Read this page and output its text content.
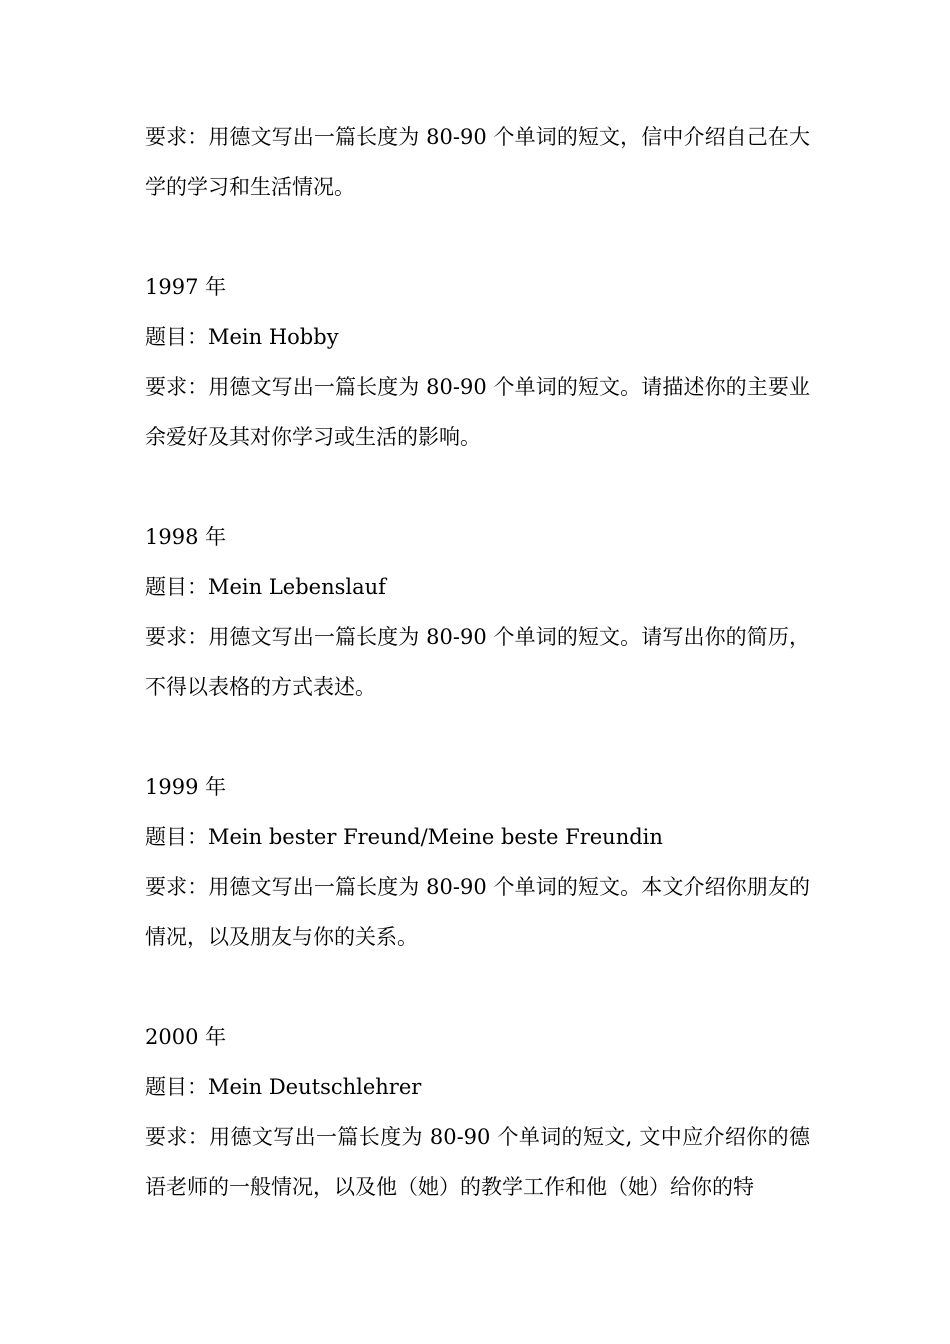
要求：用德文写出一篇长度为 80-90 个单词的短文，信中介绍自己在大学的学习和生活情况。

1997 年

题目：Mein Hobby

要求：用德文写出一篇长度为 80-90 个单词的短文。请描述你的主要业余爱好及其对你学习或生活的影响。

1998 年

题目：Mein Lebenslauf

要求：用德文写出一篇长度为 80-90 个单词的短文。请写出你的简历，不得以表格的方式表述。

1999 年

题目：Mein bester Freund/Meine beste Freundin

要求：用德文写出一篇长度为 80-90 个单词的短文。本文介绍你朋友的情况，以及朋友与你的关系。

2000 年

题目：Mein Deutschlehrer

要求：用德文写出一篇长度为 80-90 个单词的短文, 文中应介绍你的德语老师的一般情况，以及他（她）的教学工作和他（她）给你的特
